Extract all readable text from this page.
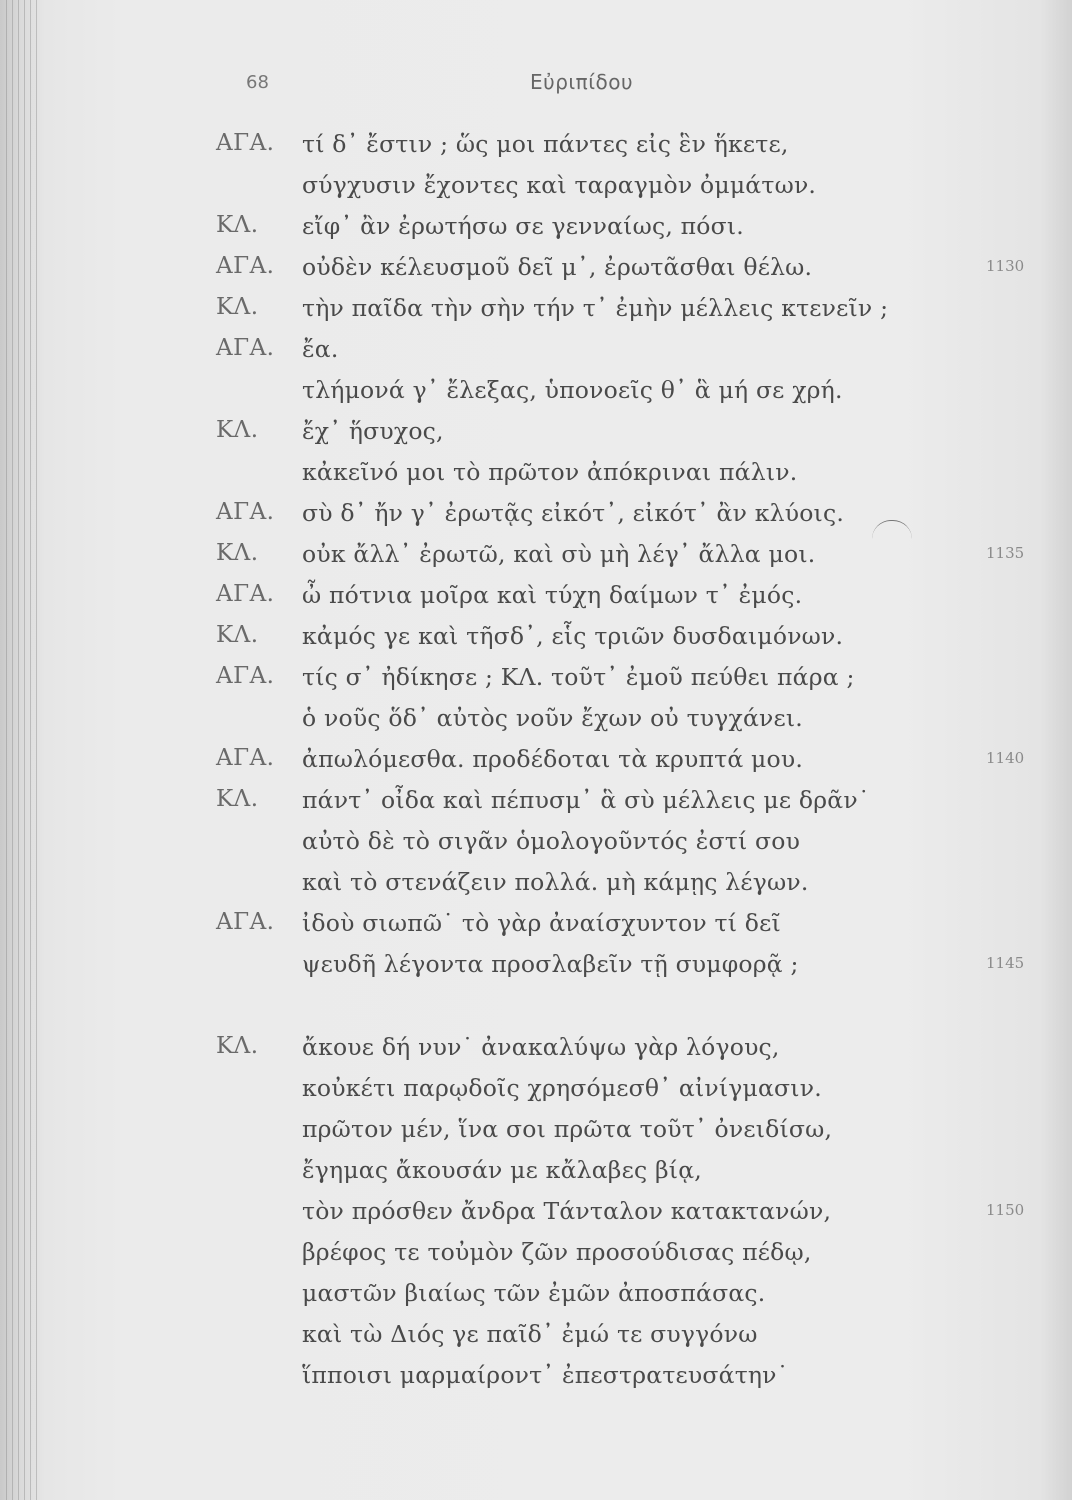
68	Εὐριπίδου
ΑΓΑ. τί δ᾽ ἔστιν ; ὥς μοι πάντες εἰς ἓν ἥκετε,
σύγχυσιν ἔχοντες καὶ ταραγμὸν ὀμμάτων.
ΚΛ. εἴφ᾽ ἂν ἐρωτήσω σε γενναίως, πόσι.
ΑΓΑ. οὐδὲν κέλευσμοῦ δεῖ μ᾽, ἐρωτᾶσθαι θέλω.	1130
ΚΛ. τὴν παῖδα τὴν σὴν τήν τ᾽ ἐμὴν μέλλεις κτενεῖν ;
ΑΓΑ. ἔα.
τλήμονά γ᾽ ἔλεξας, ὑπονοεῖς θ᾽ ἃ μή σε χρή.
ΚΛ. ἔχ᾽ ἥσυχος,
κἀκεῖνό μοι τὸ πρῶτον ἀπόκριναι πάλιν.
ΑΓΑ. σὺ δ᾽ ἤν γ᾽ ἐρωτᾷς εἰκότ᾽, εἰκότ᾽ ἂν κλύοις.
ΚΛ. οὐκ ἄλλ᾽ ἐρωτῶ, καὶ σὺ μὴ λέγ᾽ ἄλλα μοι.	1135
ΑΓΑ. ὦ πότνια μοῖρα καὶ τύχη δαίμων τ᾽ ἐμός.
ΚΛ. κἀμός γε καὶ τῆσδ᾽, εἷς τριῶν δυσδαιμόνων.
ΑΓΑ. τίς σ᾽ ἠδίκησε ; ΚΛ. τοῦτ᾽ ἐμοῦ πεύθει πάρα ;
ὁ νοῦς ὅδ᾽ αὐτὸς νοῦν ἔχων οὐ τυγχάνει.
ΑΓΑ. ἀπωλόμεσθα. προδέδοται τὰ κρυπτά μου.	1140
ΚΛ. πάντ᾽ οἶδα καὶ πέπυσμ᾽ ἃ σὺ μέλλεις με δρᾶν˙
αὐτὸ δὲ τὸ σιγᾶν ὁμολογοῦντός ἐστί σου
καὶ τὸ στενάζειν πολλά. μὴ κάμῃς λέγων.
ΑΓΑ. ἰδοὺ σιωπῶ˙ τὸ γὰρ ἀναίσχυντον τί δεῖ
ψευδῆ λέγοντα προσλαβεῖν τῇ συμφορᾷ ;	1145
ΚΛ. ἄκουε δή νυν˙ ἀνακαλύψω γὰρ λόγους,
κοὐκέτι παρῳδοῖς χρησόμεσθ᾽ αἰνίγμασιν.
πρῶτον μέν, ἵνα σοι πρῶτα τοῦτ᾽ ὀνειδίσω,
ἔγημας ἄκουσάν με κἄλαβες βίᾳ,
τὸν πρόσθεν ἄνδρα Τάνταλον κατακτανών,	1150
βρέφος τε τοὐμὸν ζῶν προσούδισας πέδῳ,
μαστῶν βιαίως τῶν ἐμῶν ἀποσπάσας.
καὶ τὼ Διός γε παῖδ᾽ ἐμώ τε συγγόνω
ἵπποισι μαρμαίροντ᾽ ἐπεστρατευσάτην˙
